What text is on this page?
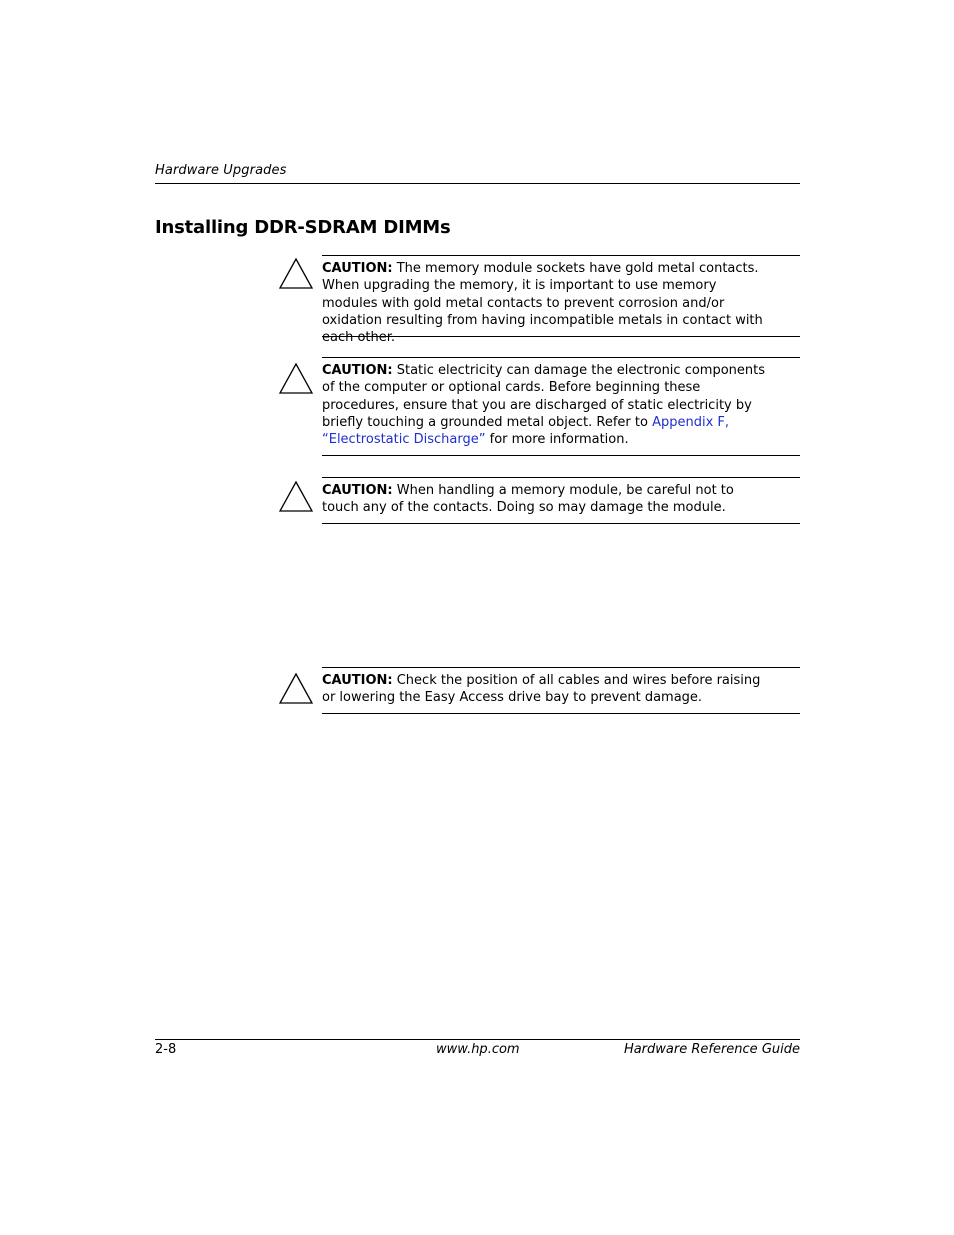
Hardware Upgrades
Installing DDR-SDRAM DIMMs
CAUTION: The memory module sockets have gold metal contacts. When upgrading the memory, it is important to use memory modules with gold metal contacts to prevent corrosion and/or oxidation resulting from having incompatible metals in contact with each other.
CAUTION: Static electricity can damage the electronic components of the computer or optional cards. Before beginning these procedures, ensure that you are discharged of static electricity by briefly touching a grounded metal object. Refer to Appendix F, “Electrostatic Discharge” for more information.
CAUTION: When handling a memory module, be careful not to touch any of the contacts. Doing so may damage the module.
CAUTION: Check the position of all cables and wires before raising or lowering the Easy Access drive bay to prevent damage.
2-8	www.hp.com	Hardware Reference Guide
